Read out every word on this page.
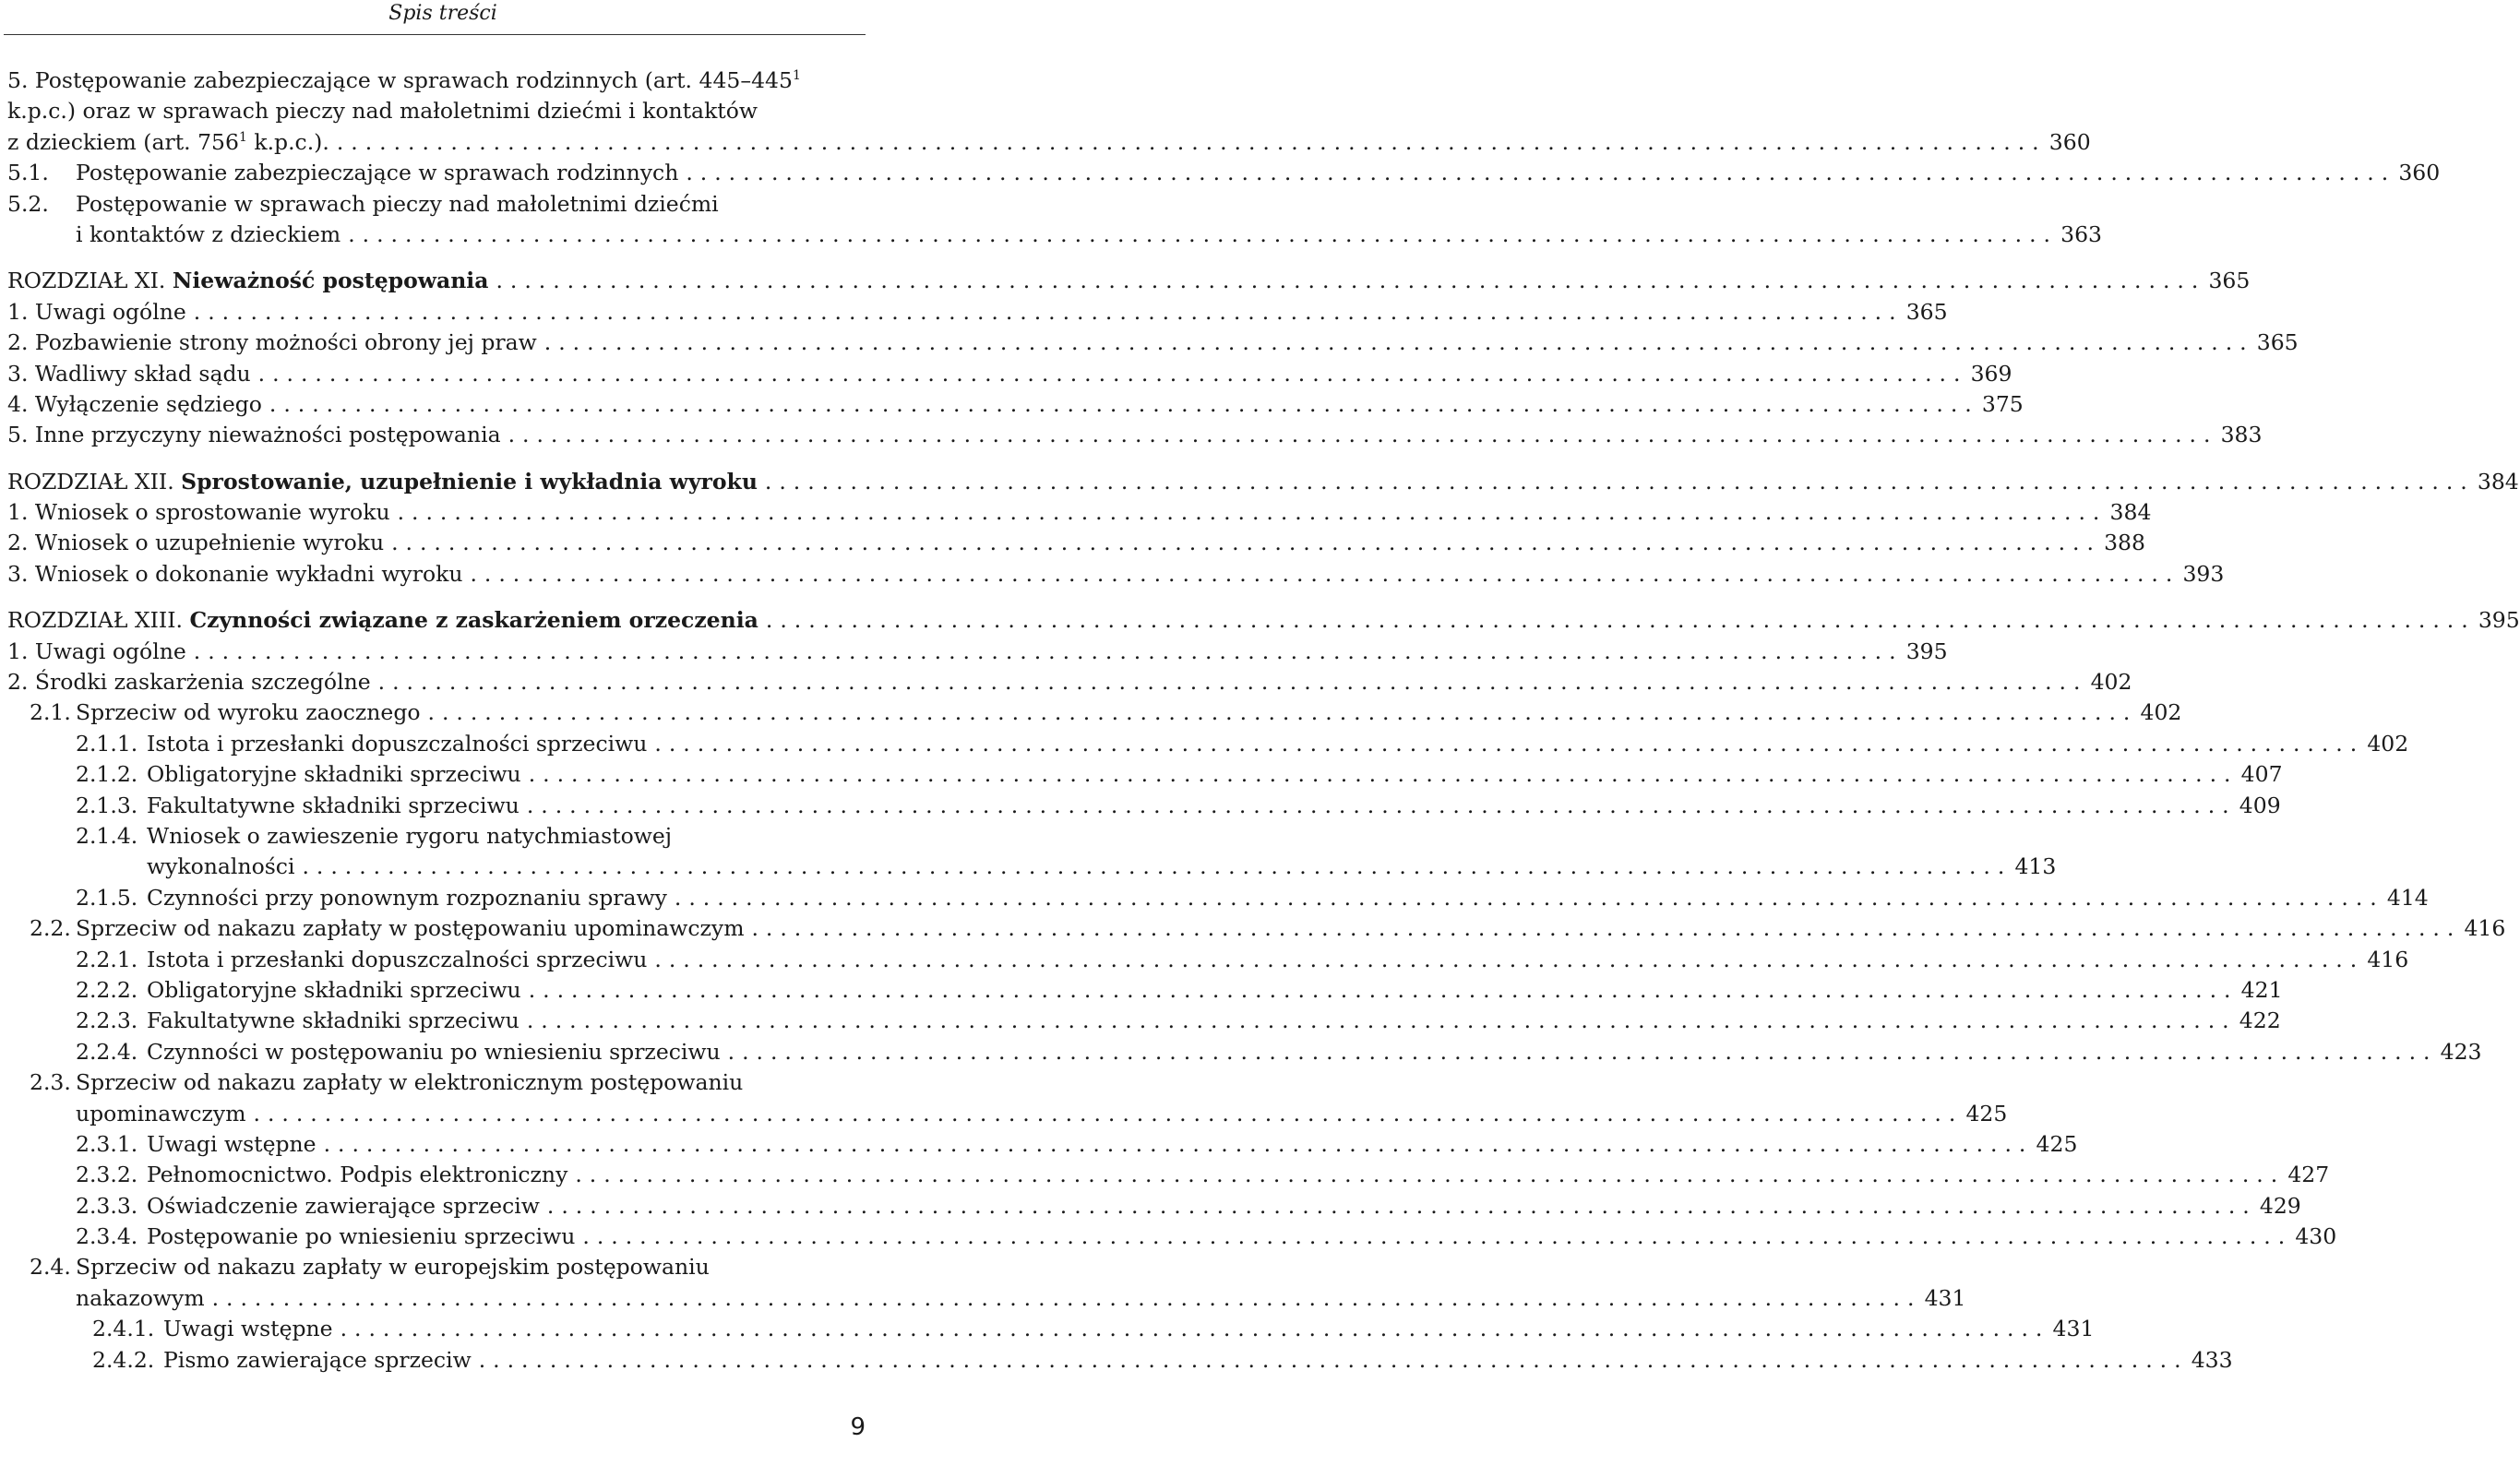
Spis treści
5. Postępowanie zabezpieczające w sprawach rodzinnych (art. $445-445^1$
k.p.c.) oraz w sprawach pieczy nad małoletnimi dziećmi i kontaktów
z dzieckiem (art. $756^1$ k.p.c.). . . .	360
5.1. Postępowanie zabezpieczające w sprawach rodzinnych . . .	360
5.2. Postępowanie w sprawach pieczy nad małoletnimi dziećmi
i kontaktów z dzieckiem . . .	363
ROZDZIAŁ XI. Nieważność postępowania . . .	365
1. Uwagi ogólne . . .	365
2. Pozbawienie strony możności obrony jej praw . . .	365
3. Wadliwy skład sądu . . .	369
4. Wyłączenie sędziego . . .	375
5. Inne przyczyny nieważności postępowania . . .	383
ROZDZIAŁ XII. Sprostowanie, uzupełnienie i wykładnia wyroku . . .	384
1. Wniosek o sprostowanie wyroku . . .	384
2. Wniosek o uzupełnienie wyroku . . .	388
3. Wniosek o dokonanie wykładni wyroku . . .	393
ROZDZIAŁ XIII. Czynności związane z zaskarżeniem orzeczenia . . .	395
1. Uwagi ogólne . . .	395
2. Środki zaskarżenia szczególne . . .	402
2.1. Sprzeciw od wyroku zaocznego . . .	402
2.1.1. Istota i przesłanki dopuszczalności sprzeciwu . . .	402
2.1.2. Obligatoryjne składniki sprzeciwu . . .	407
2.1.3. Fakultatywne składniki sprzeciwu . . .	409
2.1.4. Wniosek o zawieszenie rygoru natychmiastowej
wykonalności . . .	413
2.1.5. Czynności przy ponownym rozpoznaniu sprawy . . .	414
2.2. Sprzeciw od nakazu zapłaty w postępowaniu upominawczym . . .	416
2.2.1. Istota i przesłanki dopuszczalności sprzeciwu . . .	416
2.2.2. Obligatoryjne składniki sprzeciwu . . .	421
2.2.3. Fakultatywne składniki sprzeciwu . . .	422
2.2.4. Czynności w postępowaniu po wniesieniu sprzeciwu . . .	423
2.3. Sprzeciw od nakazu zapłaty w elektronicznym postępowaniu
upominawczym . . .	425
2.3.1. Uwagi wstępne . . .	425
2.3.2. Pełnomocnictwo. Podpis elektroniczny . . .	427
2.3.3. Oświadczenie zawierające sprzeciw . . .	429
2.3.4. Postępowanie po wniesieniu sprzeciwu . . .	430
2.4. Sprzeciw od nakazu zapłaty w europejskim postępowaniu
nakazowym . . .	431
2.4.1. Uwagi wstępne . . .	431
2.4.2. Pismo zawierające sprzeciw . . .	433
9
